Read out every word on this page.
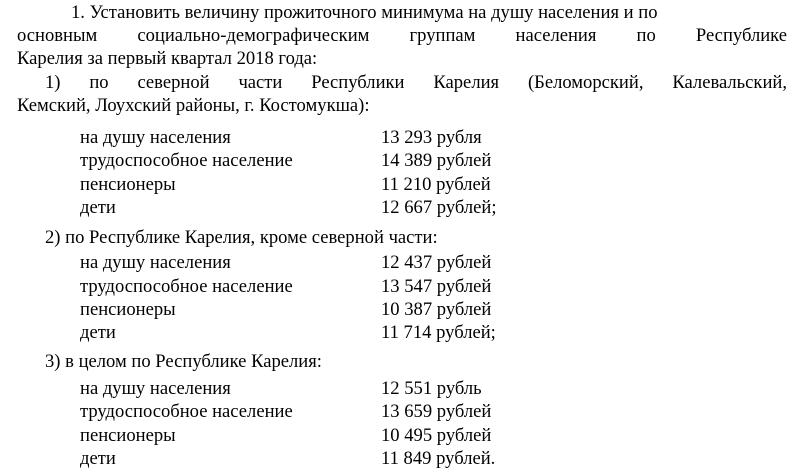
1. Установить величину прожиточного минимума на душу населения и по
основным социально-демографическим группам населения по Республике
Карелия за первый квартал 2018 года:
1) по северной части Республики Карелия (Беломорский, Калевальский,
Кемский, Лоухский районы, г. Костомукша):
на душу населения	13 293 рубля
трудоспособное население	14 389 рублей
пенсионеры	11 210 рублей
дети	12 667 рублей;
2) по Республике Карелия, кроме северной части:
на душу населения	12 437 рублей
трудоспособное население	13 547 рублей
пенсионеры	10 387 рублей
дети	11 714 рублей;
3) в целом по Республике Карелия:
на душу населения	12 551 рубль
трудоспособное население	13 659 рублей
пенсионеры	10 495 рублей
дети	11 849 рублей.
